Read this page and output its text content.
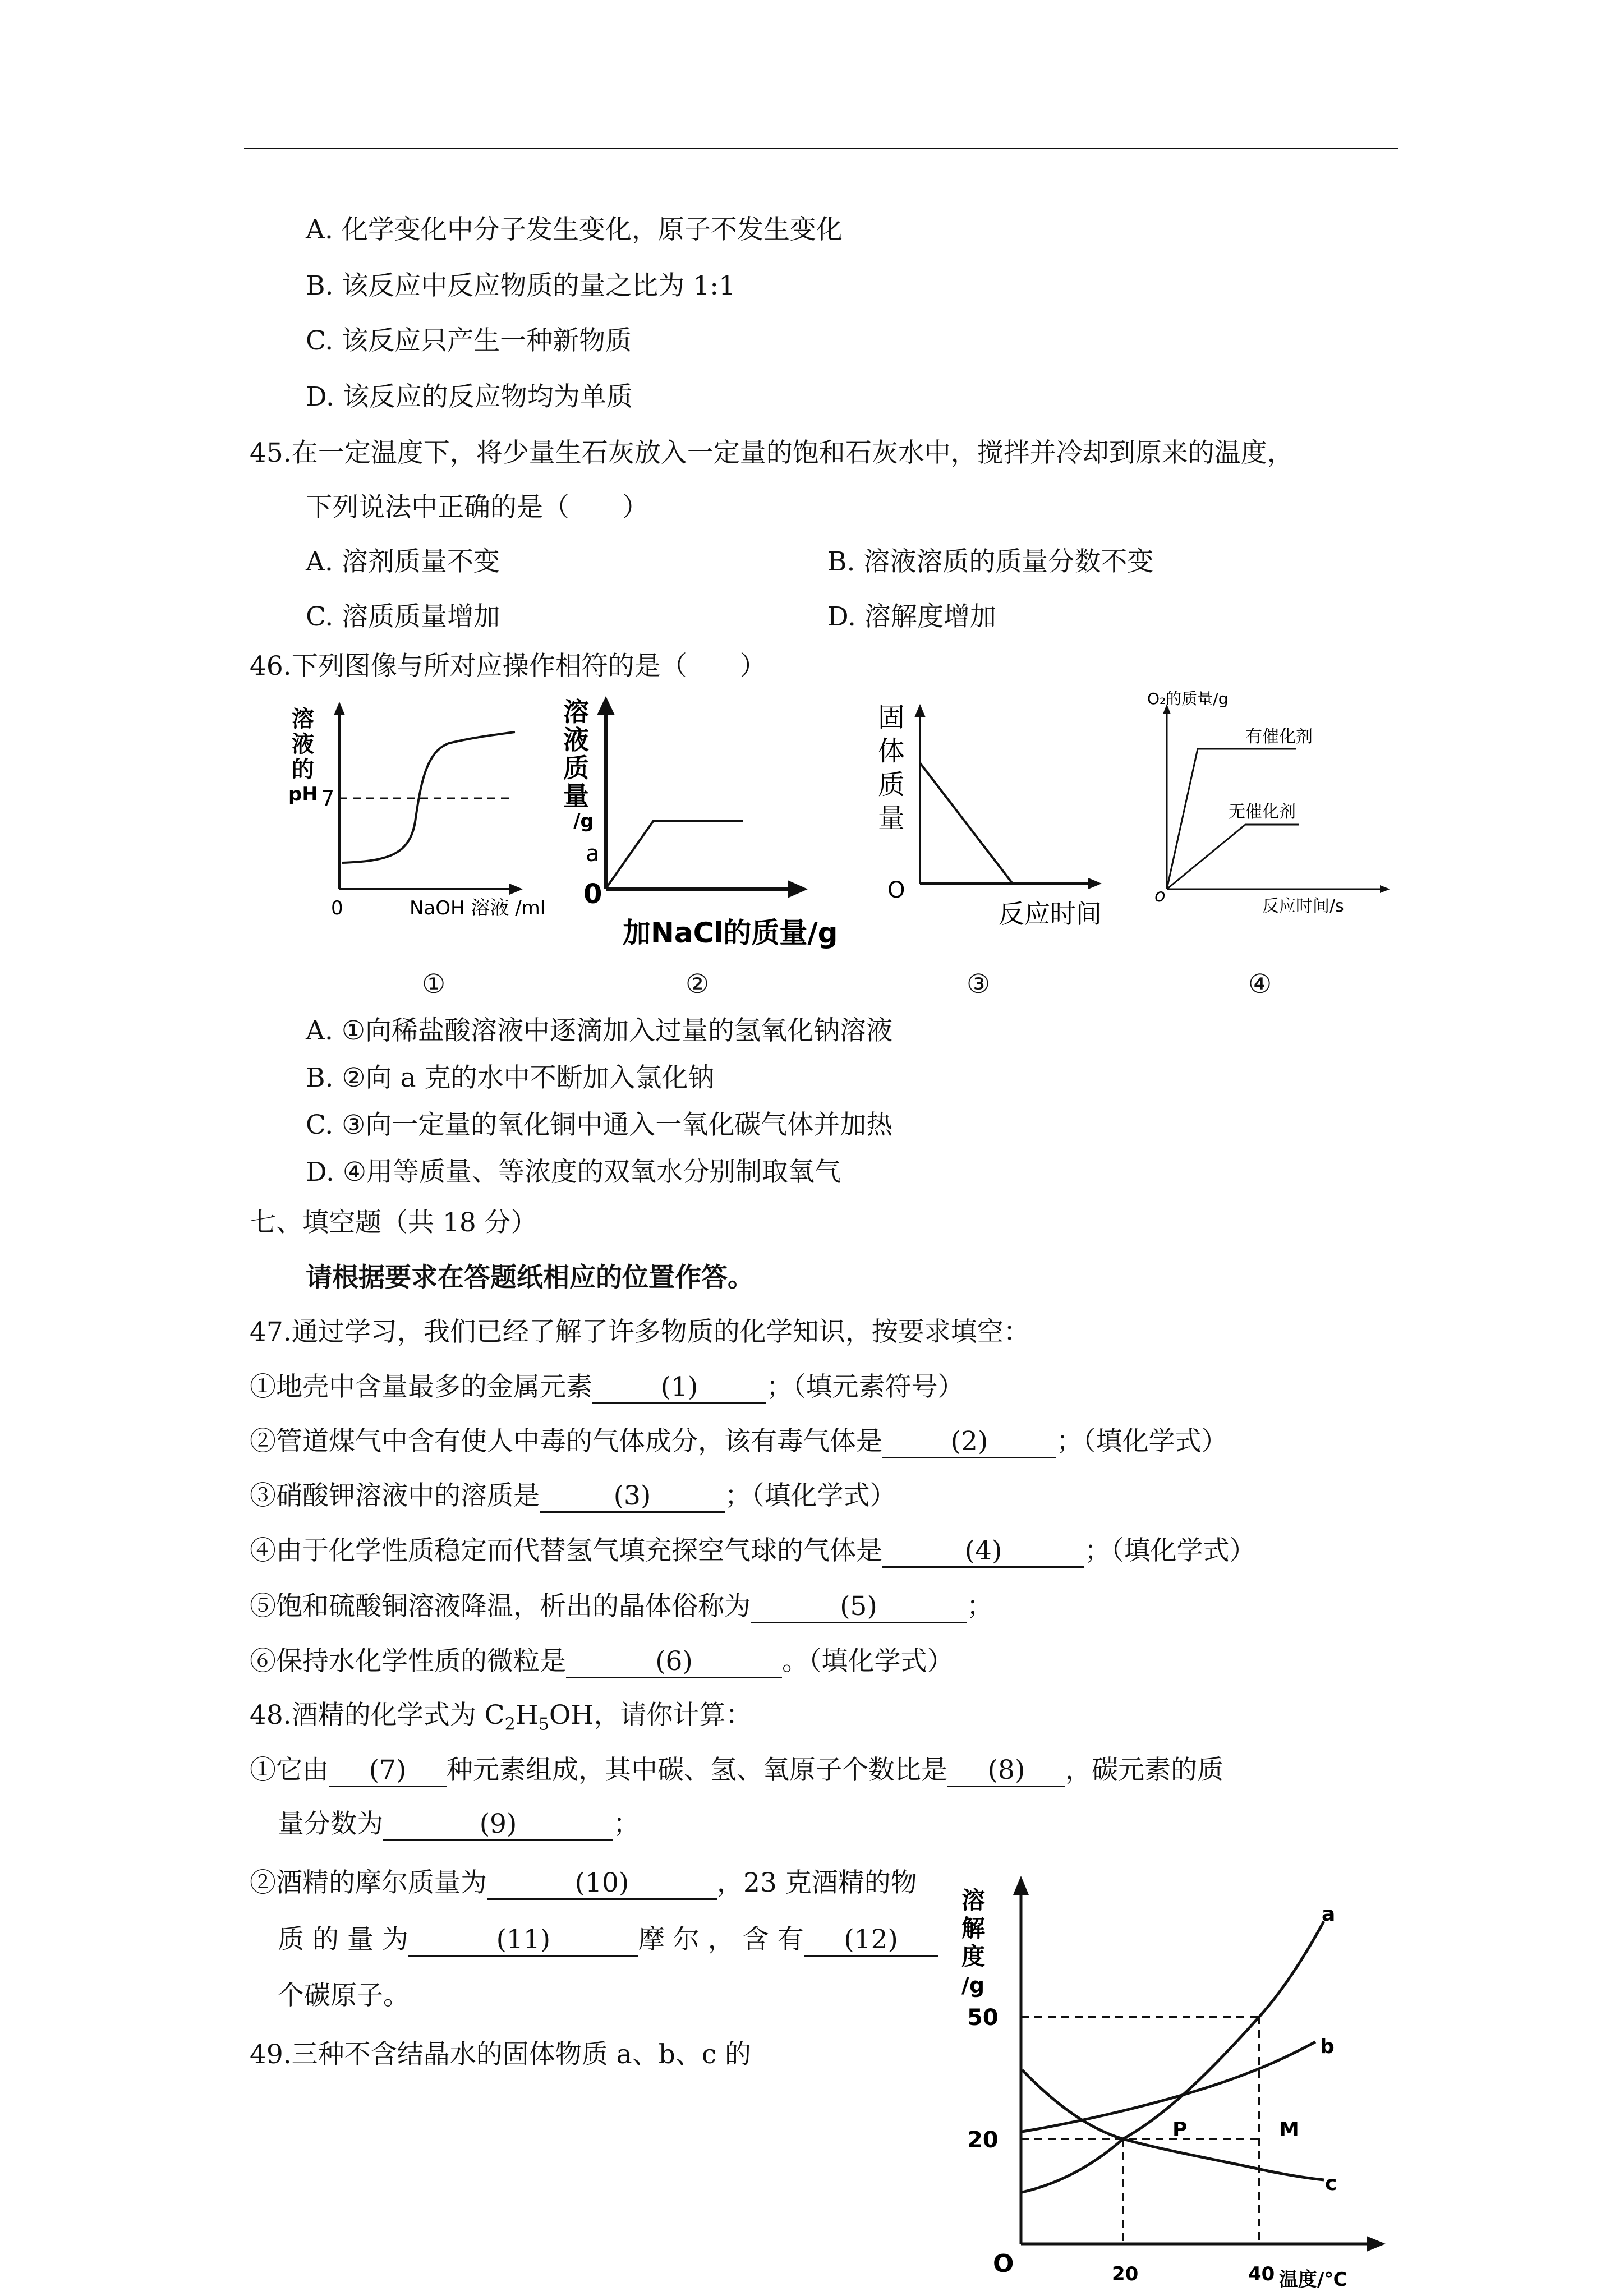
A. 化学变化中分子发生变化，原子不发生变化
B. 该反应中反应物质的量之比为 1:1
C. 该反应只产生一种新物质
D. 该反应的反应物均为单质
45.在一定温度下，将少量生石灰放入一定量的饱和石灰水中，搅拌并冷却到原来的温度，
下列说法中正确的是（　　）
A. 溶剂质量不变	B. 溶液溶质的质量分数不变
C. 溶质质量增加	D. 溶解度增加
46.下列图像与所对应操作相符的是（　　）
溶
液
的
pH 7
0	NaOH 溶液 /ml
溶
液
质
量
/g
a
0
加NaCl的质量/g
固
体
质
量
O
反应时间
O₂的质量/g
有催化剂
无催化剂
o
反应时间/s
①	②	③	④
A. ①向稀盐酸溶液中逐滴加入过量的氢氧化钠溶液
B. ②向 a 克的水中不断加入氯化钠
C. ③向一定量的氧化铜中通入一氧化碳气体并加热
D. ④用等质量、等浓度的双氧水分别制取氧气
七、填空题（共 18 分）
请根据要求在答题纸相应的位置作答。
47.通过学习，我们已经了解了许多物质的化学知识，按要求填空：
①地壳中含量最多的金属元素	(1)	；（填元素符号）
②管道煤气中含有使人中毒的气体成分，该有毒气体是	(2)	；（填化学式）
③硝酸钾溶液中的溶质是	(3)	；（填化学式）
④由于化学性质稳定而代替氢气填充探空气球的气体是	(4)	；（填化学式）
⑤饱和硫酸铜溶液降温，析出的晶体俗称为	(5)	；
⑥保持水化学性质的微粒是	(6)	。（填化学式）
48.酒精的化学式为 $C_2H_5OH$，请你计算：
①它由 (7) 种元素组成，其中碳、氢、氧原子个数比是 (8) ，碳元素的质
量分数为	(9)	；
②酒精的摩尔质量为	(10)	，23 克酒精的物
质 的 量 为	(11)	摩 尔 ， 含 有 (12)
个碳原子。
49.三种不含结晶水的固体物质 a、b、c 的
溶
解
度
/g
50
20
O	20	40 温度/℃
a
b
c
P	M
